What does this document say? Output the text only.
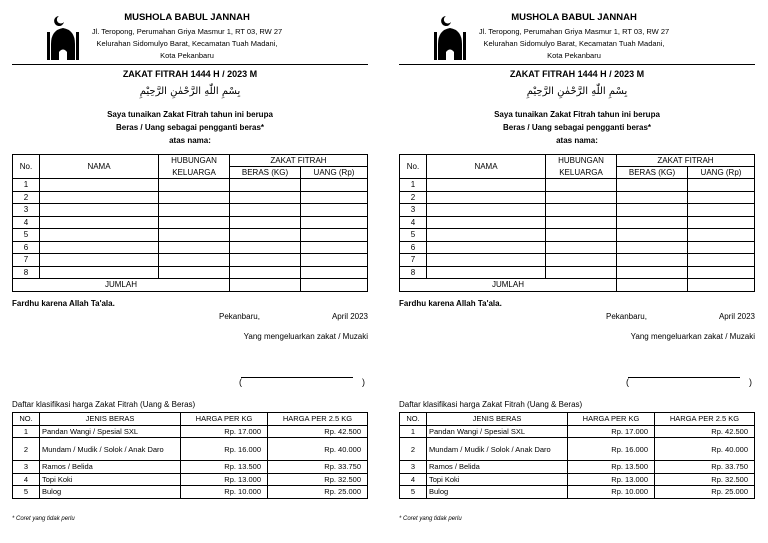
MUSHOLA BABUL JANNAH
Jl. Teropong, Perumahan Griya Masmur 1, RT 03, RW 27
Kelurahan Sidomulyo Barat, Kecamatan Tuah Madani,
Kota Pekanbaru
ZAKAT FITRAH 1444 H / 2023 M
بِسْمِ اللّٰهِ الرَّحْمٰنِ الرَّحِيْمِ
Saya tunaikan Zakat Fitrah tahun ini berupa
Beras / Uang sebagai pengganti beras*
atas nama:
No.	NAMA	HUBUNGAN	ZAKAT FITRAH	
		KELUARGA	BERAS (KG)	UANG (Rp)
1				
2				
3				
4				
5				
6				
7				
8				
JUMLAH				
Fardhu karena Allah Ta'ala.
Pekanbaru,	April 2023
Yang mengeluarkan zakat / Muzaki
(	)
Daftar klasifikasi harga Zakat Fitrah (Uang & Beras)
NO.	JENIS BERAS	HARGA PER KG	HARGA PER 2.5 KG
1	Pandan Wangi / Spesial SXL	Rp. 17.000	Rp. 42.500
2	Mundam / Mudik / Solok / Anak Daro	Rp. 16.000	Rp. 40.000
3	Ramos / Belida	Rp. 13.500	Rp. 33.750
4	Topi Koki	Rp. 13.000	Rp. 32.500
5	Bulog	Rp. 10.000	Rp. 25.000
* Coret yang tidak perlu
MUSHOLA BABUL JANNAH
Jl. Teropong, Perumahan Griya Masmur 1, RT 03, RW 27
Kelurahan Sidomulyo Barat, Kecamatan Tuah Madani,
Kota Pekanbaru
ZAKAT FITRAH 1444 H / 2023 M
بِسْمِ اللّٰهِ الرَّحْمٰنِ الرَّحِيْمِ
Saya tunaikan Zakat Fitrah tahun ini berupa
Beras / Uang sebagai pengganti beras*
atas nama:
No.	NAMA	HUBUNGAN	ZAKAT FITRAH	
		KELUARGA	BERAS (KG)	UANG (Rp)
1				
2				
3				
4				
5				
6				
7				
8				
JUMLAH				
Fardhu karena Allah Ta'ala.
Pekanbaru,	April 2023
Yang mengeluarkan zakat / Muzaki
(	)
Daftar klasifikasi harga Zakat Fitrah (Uang & Beras)
NO.	JENIS BERAS	HARGA PER KG	HARGA PER 2.5 KG
1	Pandan Wangi / Spesial SXL	Rp. 17.000	Rp. 42.500
2	Mundam / Mudik / Solok / Anak Daro	Rp. 16.000	Rp. 40.000
3	Ramos / Belida	Rp. 13.500	Rp. 33.750
4	Topi Koki	Rp. 13.000	Rp. 32.500
5	Bulog	Rp. 10.000	Rp. 25.000
* Coret yang tidak perlu
